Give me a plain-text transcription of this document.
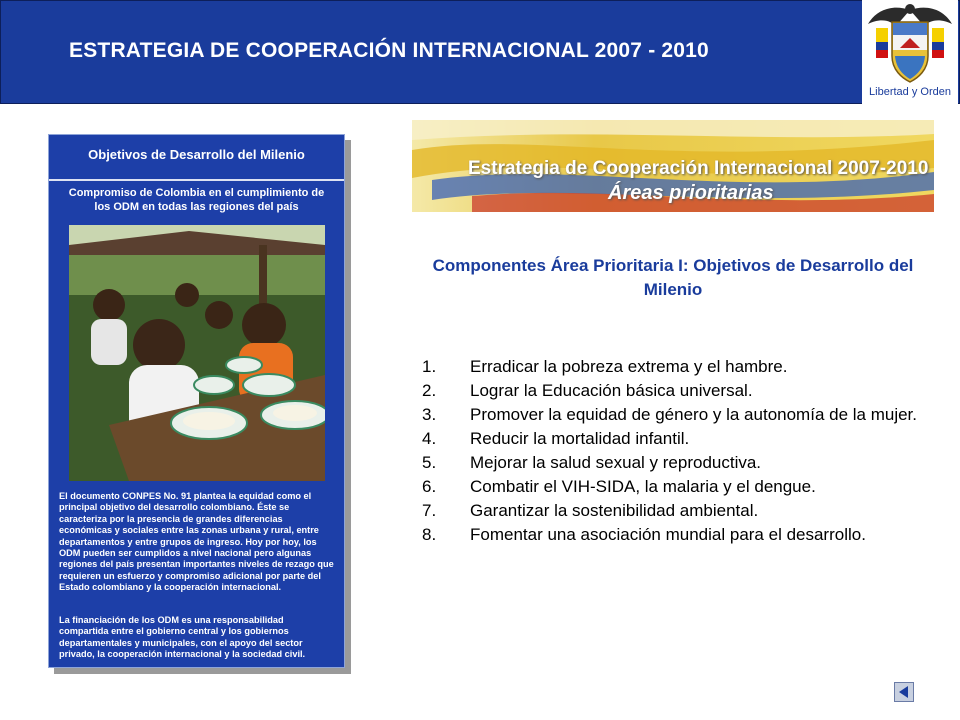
ESTRATEGIA DE COOPERACIÓN INTERNACIONAL 2007 - 2010
Libertad y Orden
Objetivos de Desarrollo del Milenio
Compromiso de Colombia en el cumplimiento de los ODM en todas las regiones del país
El documento CONPES No. 91 plantea la equidad como el principal objetivo del desarrollo colombiano. Éste se caracteriza por la presencia de grandes diferencias económicas y sociales entre las zonas urbana y rural, entre departamentos y entre grupos de ingreso. Hoy por hoy, los ODM pueden ser cumplidos a nivel nacional pero algunas regiones del país presentan importantes niveles de rezago que requieren un esfuerzo y compromiso adicional por parte del Estado colombiano y la cooperación internacional.
La financiación de los ODM es una responsabilidad compartida entre el gobierno central y los gobiernos departamentales y municipales, con el apoyo del sector privado, la cooperación internacional y la sociedad civil.
Estrategia de Cooperación Internacional 2007-2010
Áreas prioritarias
Componentes Área Prioritaria I: Objetivos de Desarrollo del Milenio
1. Erradicar la pobreza extrema y el hambre.
2. Lograr la Educación básica universal.
3. Promover la equidad de género y la autonomía de la mujer.
4. Reducir la mortalidad infantil.
5. Mejorar la salud sexual y reproductiva.
6. Combatir el VIH-SIDA, la malaria y el dengue.
7. Garantizar la sostenibilidad ambiental.
8. Fomentar una asociación mundial para el desarrollo.
